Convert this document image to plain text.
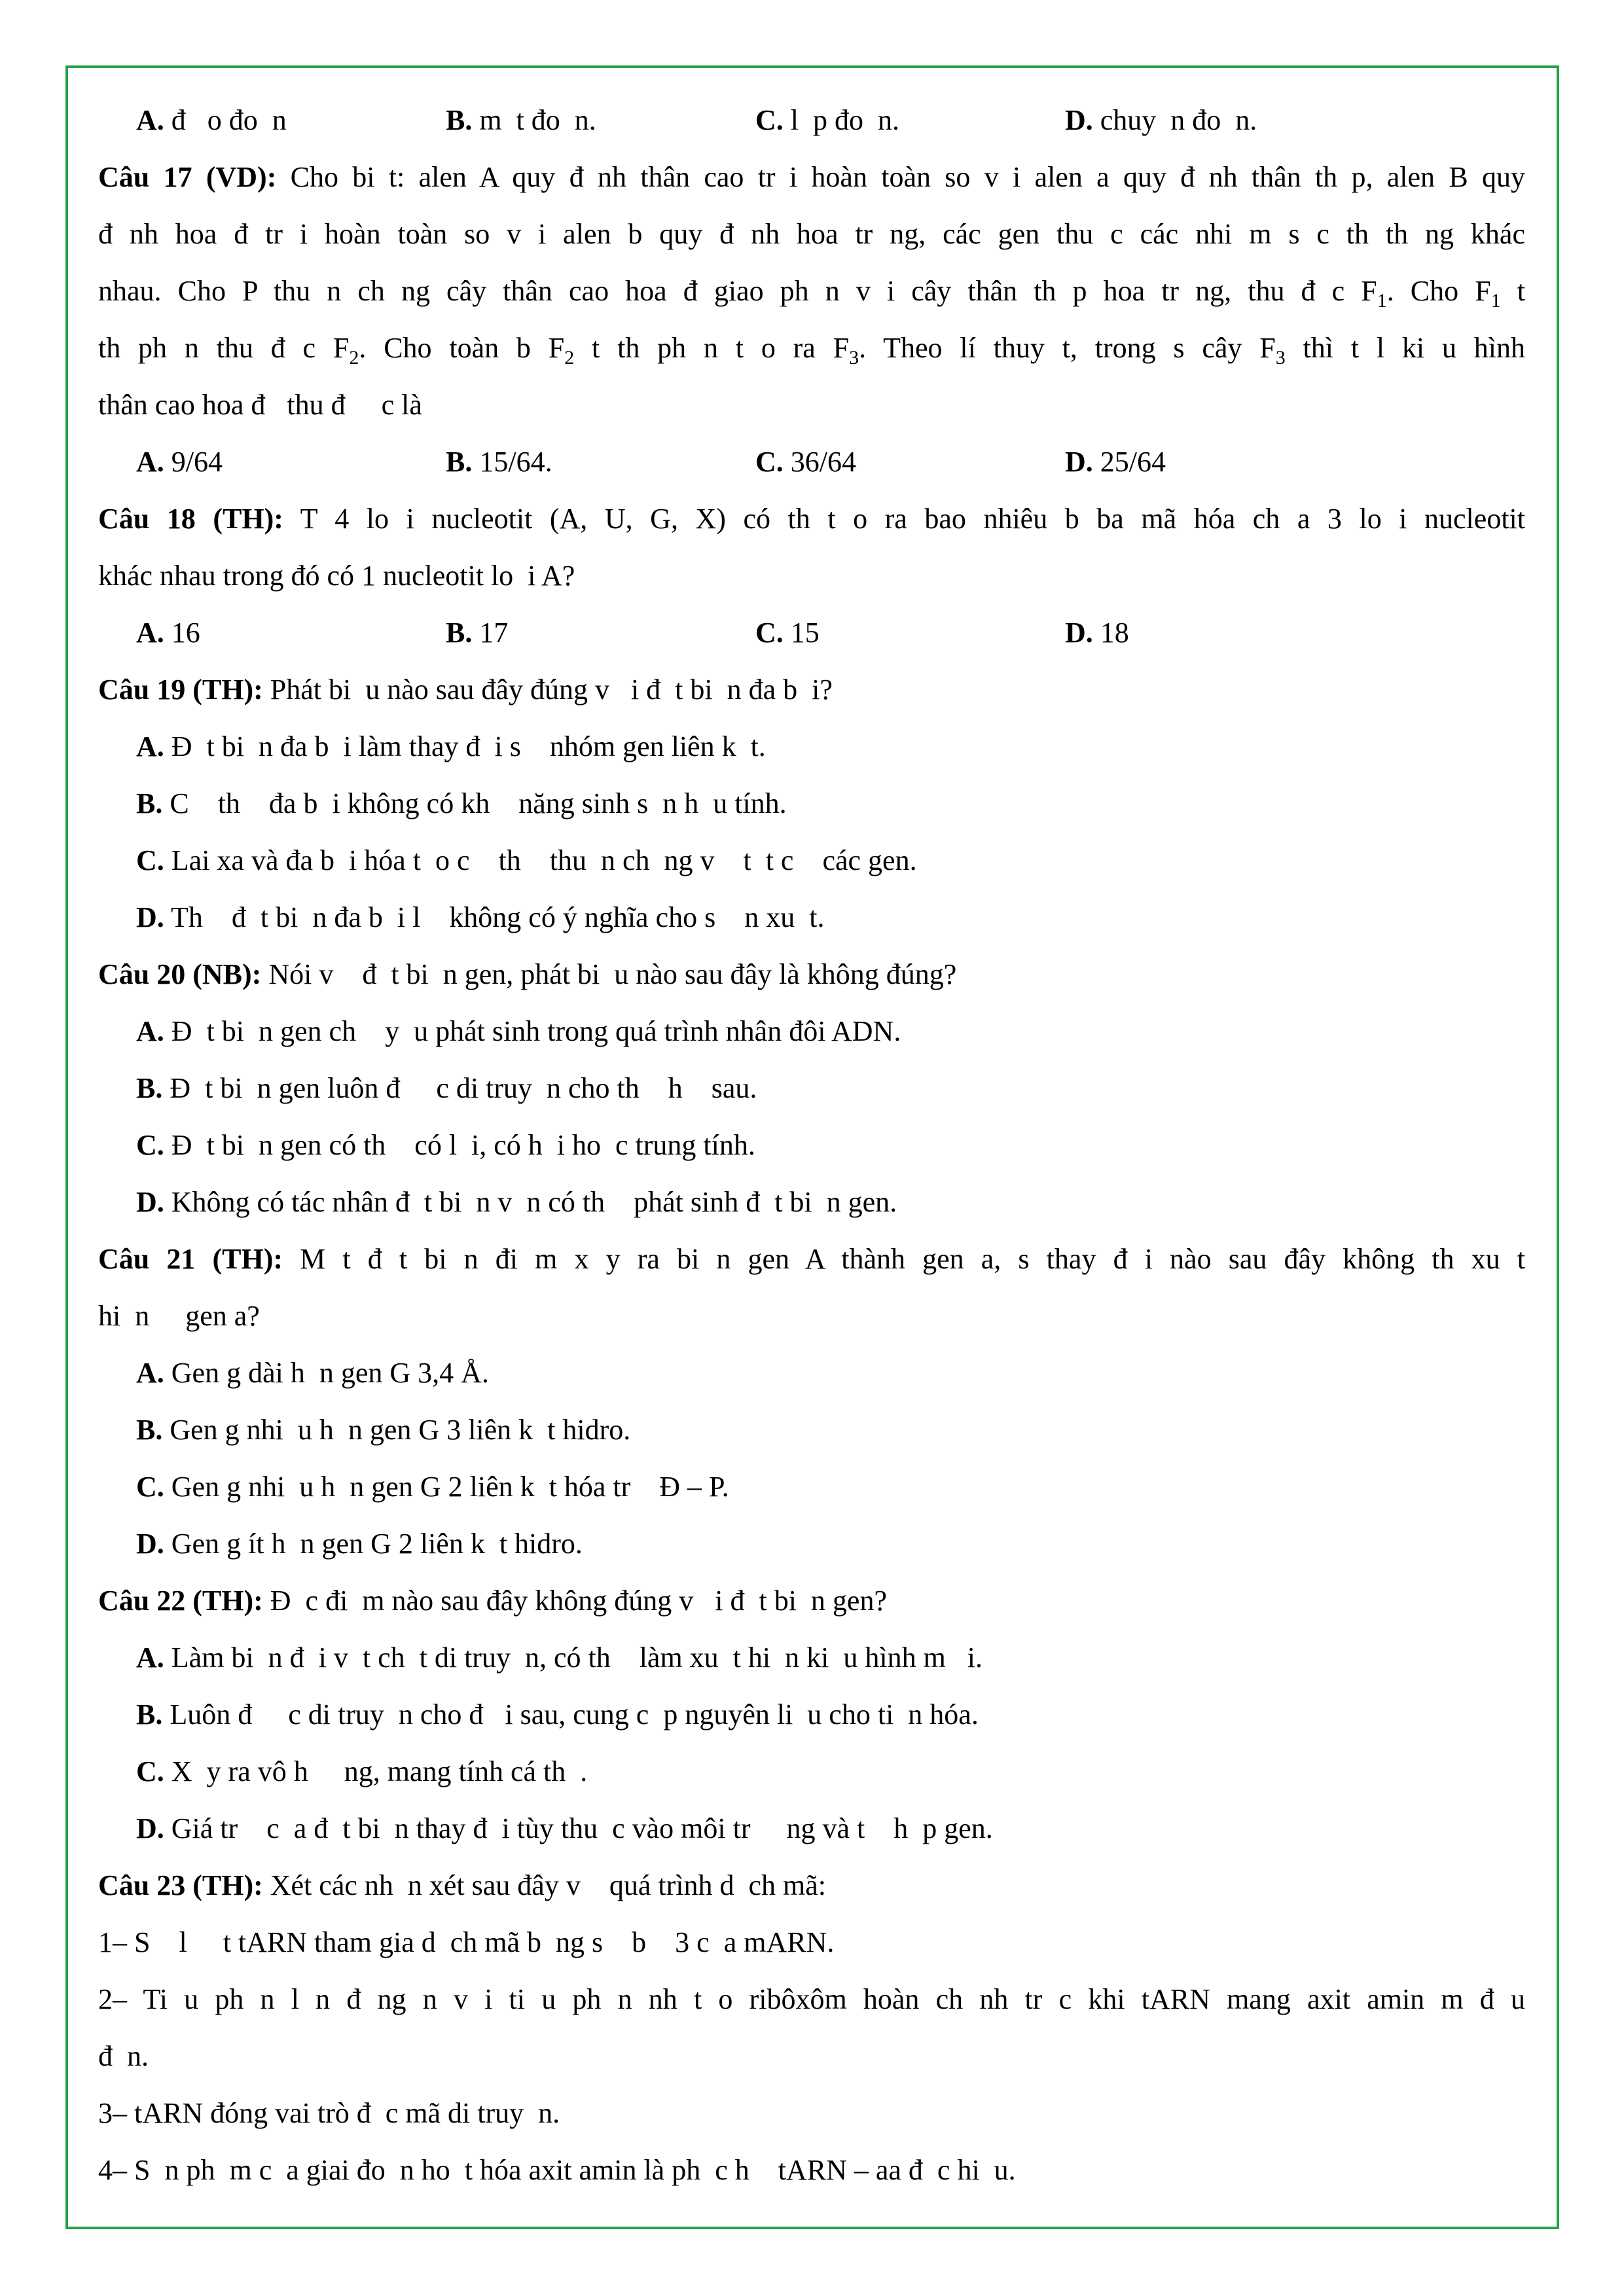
A. đ   o đo  n	B. m  t đo  n.	C. l  p đo  n.	D. chuy  n đo  n.
Câu 17 (VD): Cho bi t: alen A quy đ nh thân cao tr i hoàn toàn so v i alen a quy đ nh thân th p, alen B quy
đ nh hoa đ tr i hoàn toàn so v i alen b quy đ nh hoa tr ng, các gen thu c các nhi m s c th th ng khác
nhau. Cho P thu n ch ng cây thân cao hoa đ giao ph n v i cây thân th p hoa tr ng, thu đ c $F_1$. Cho $F_1$ t
th ph n thu đ c $F_2$. Cho toàn b $F_2$ t th ph n t o ra $F_3$. Theo lí thuy t, trong s cây $F_3$ thì t l ki u hình
thân cao hoa đ   thu đ     c là
A. 9/64	B. 15/64.	C. 36/64	D. 25/64
Câu 18 (TH): T 4 lo i nucleotit (A, U, G, X) có th t o ra bao nhiêu b ba mã hóa ch a 3 lo i nucleotit
khác nhau trong đó có 1 nucleotit lo  i A?
A. 16	B. 17	C. 15	D. 18
Câu 19 (TH): Phát bi  u nào sau đây đúng v   i đ  t bi  n đa b  i?
A. Đ  t bi  n đa b  i làm thay đ  i s    nhóm gen liên k  t.
B. C    th    đa b  i không có kh    năng sinh s  n h  u tính.
C. Lai xa và đa b  i hóa t  o c    th    thu  n ch  ng v    t  t c    các gen.
D. Th    đ  t bi  n đa b  i l    không có ý nghĩa cho s    n xu  t.
Câu 20 (NB): Nói v    đ  t bi  n gen, phát bi  u nào sau đây là không đúng?
A. Đ  t bi  n gen ch    y  u phát sinh trong quá trình nhân đôi ADN.
B. Đ  t bi  n gen luôn đ     c di truy  n cho th    h    sau.
C. Đ  t bi  n gen có th    có l  i, có h  i ho  c trung tính.
D. Không có tác nhân đ  t bi  n v  n có th    phát sinh đ  t bi  n gen.
Câu 21 (TH): M t đ t bi n đi m x y ra bi n gen A thành gen a, s thay đ i nào sau đây không th xu t
hi  n     gen a?
A. Gen g dài h  n gen G 3,4 Å.
B. Gen g nhi  u h  n gen G 3 liên k  t hidro.
C. Gen g nhi  u h  n gen G 2 liên k  t hóa tr    Đ – P.
D. Gen g ít h  n gen G 2 liên k  t hidro.
Câu 22 (TH): Đ  c đi  m nào sau đây không đúng v   i đ  t bi  n gen?
A. Làm bi  n đ  i v  t ch  t di truy  n, có th    làm xu  t hi  n ki  u hình m   i.
B. Luôn đ     c di truy  n cho đ   i sau, cung c  p nguyên li  u cho ti  n hóa.
C. X  y ra vô h     ng, mang tính cá th  .
D. Giá tr    c  a đ  t bi  n thay đ  i tùy thu  c vào môi tr     ng và t    h  p gen.
Câu 23 (TH): Xét các nh  n xét sau đây v    quá trình d  ch mã:
1– S    l     t tARN tham gia d  ch mã b  ng s    b    3 c  a mARN.
2– Ti u ph n l n đ ng n v i ti u ph n nh t o ribôxôm hoàn ch nh tr c khi tARN mang axit amin m đ u
đ  n.
3– tARN đóng vai trò đ  c mã di truy  n.
4– S  n ph  m c  a giai đo  n ho  t hóa axit amin là ph  c h    tARN – aa đ  c hi  u.
